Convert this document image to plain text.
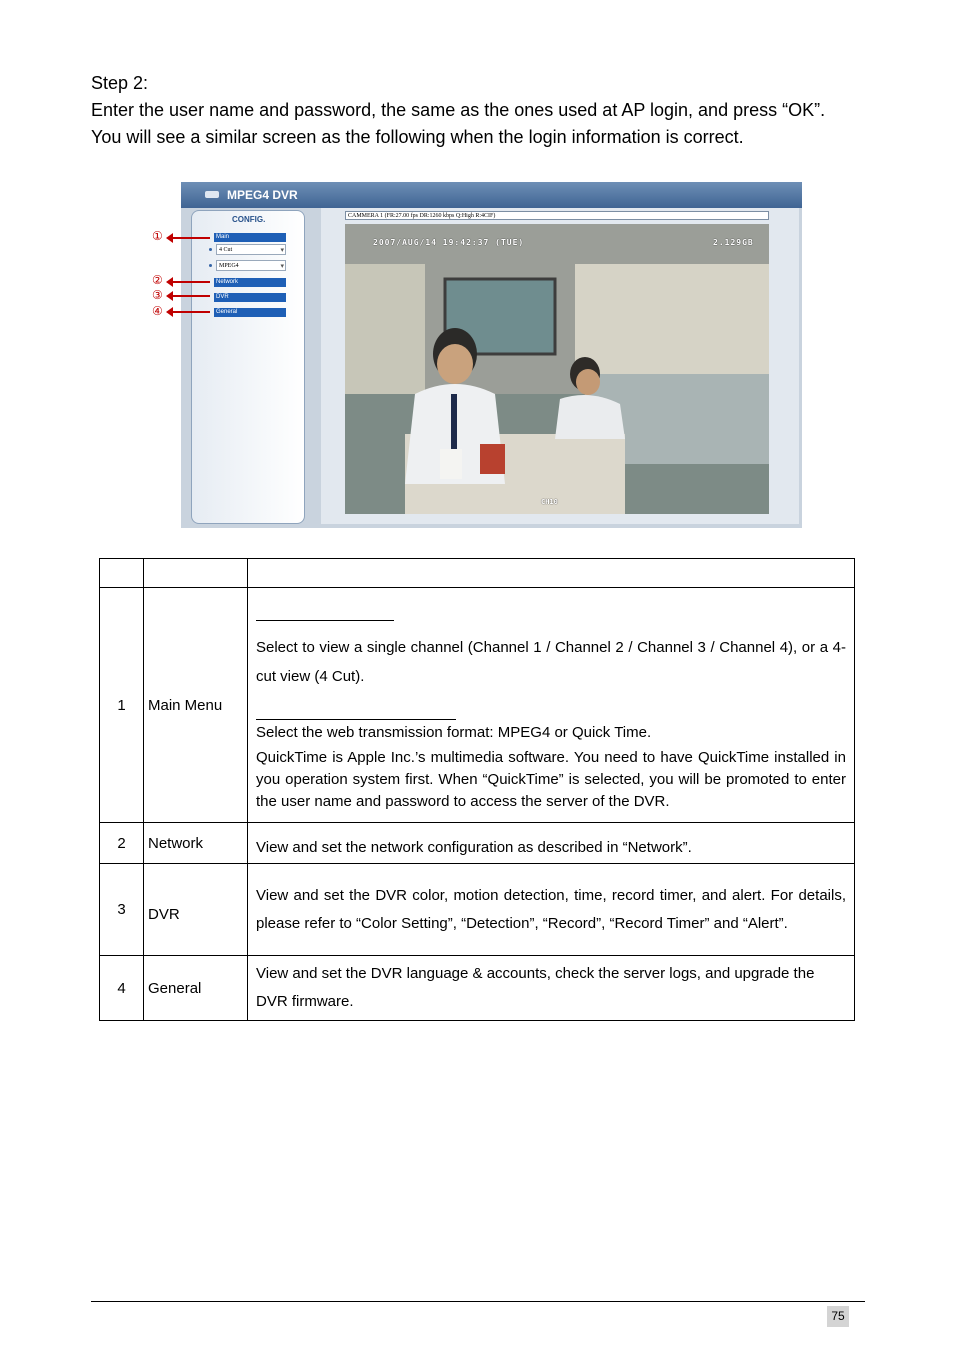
Step 2:

Enter the user name and password, the same as the ones used at AP login, and press “OK”.

You will see a similar screen as the following when the login information is correct.

MPEG4 DVR
CONFIG.
Main
4 Cut ▾
MPEG4 ▾
Network
DVR
General
CAMMERA 1 (FR:27.00 fps DR:1260 kbps Q:High R:4CIF)
2007/AUG/14 19:42:37 (TUE)	2.129GB
CH10
①
②
③
④

1	Main Menu	Select to view a single channel (Channel 1 / Channel 2 / Channel 3 / Channel 4), or a 4-cut view (4 Cut).
Select the web transmission format: MPEG4 or Quick Time.
QuickTime is Apple Inc.’s multimedia software. You need to have QuickTime installed in you operation system first. When “QuickTime” is selected, you will be promoted to enter the user name and password to access the server of the DVR.

2	Network	View and set the network configuration as described in “Network”.
3	DVR	View and set the DVR color, motion detection, time, record timer, and alert. For details, please refer to “Color Setting”, “Detection”, “Record”, “Record Timer” and “Alert”.
4	General	View and set the DVR language & accounts, check the server logs, and upgrade the DVR firmware.
75
